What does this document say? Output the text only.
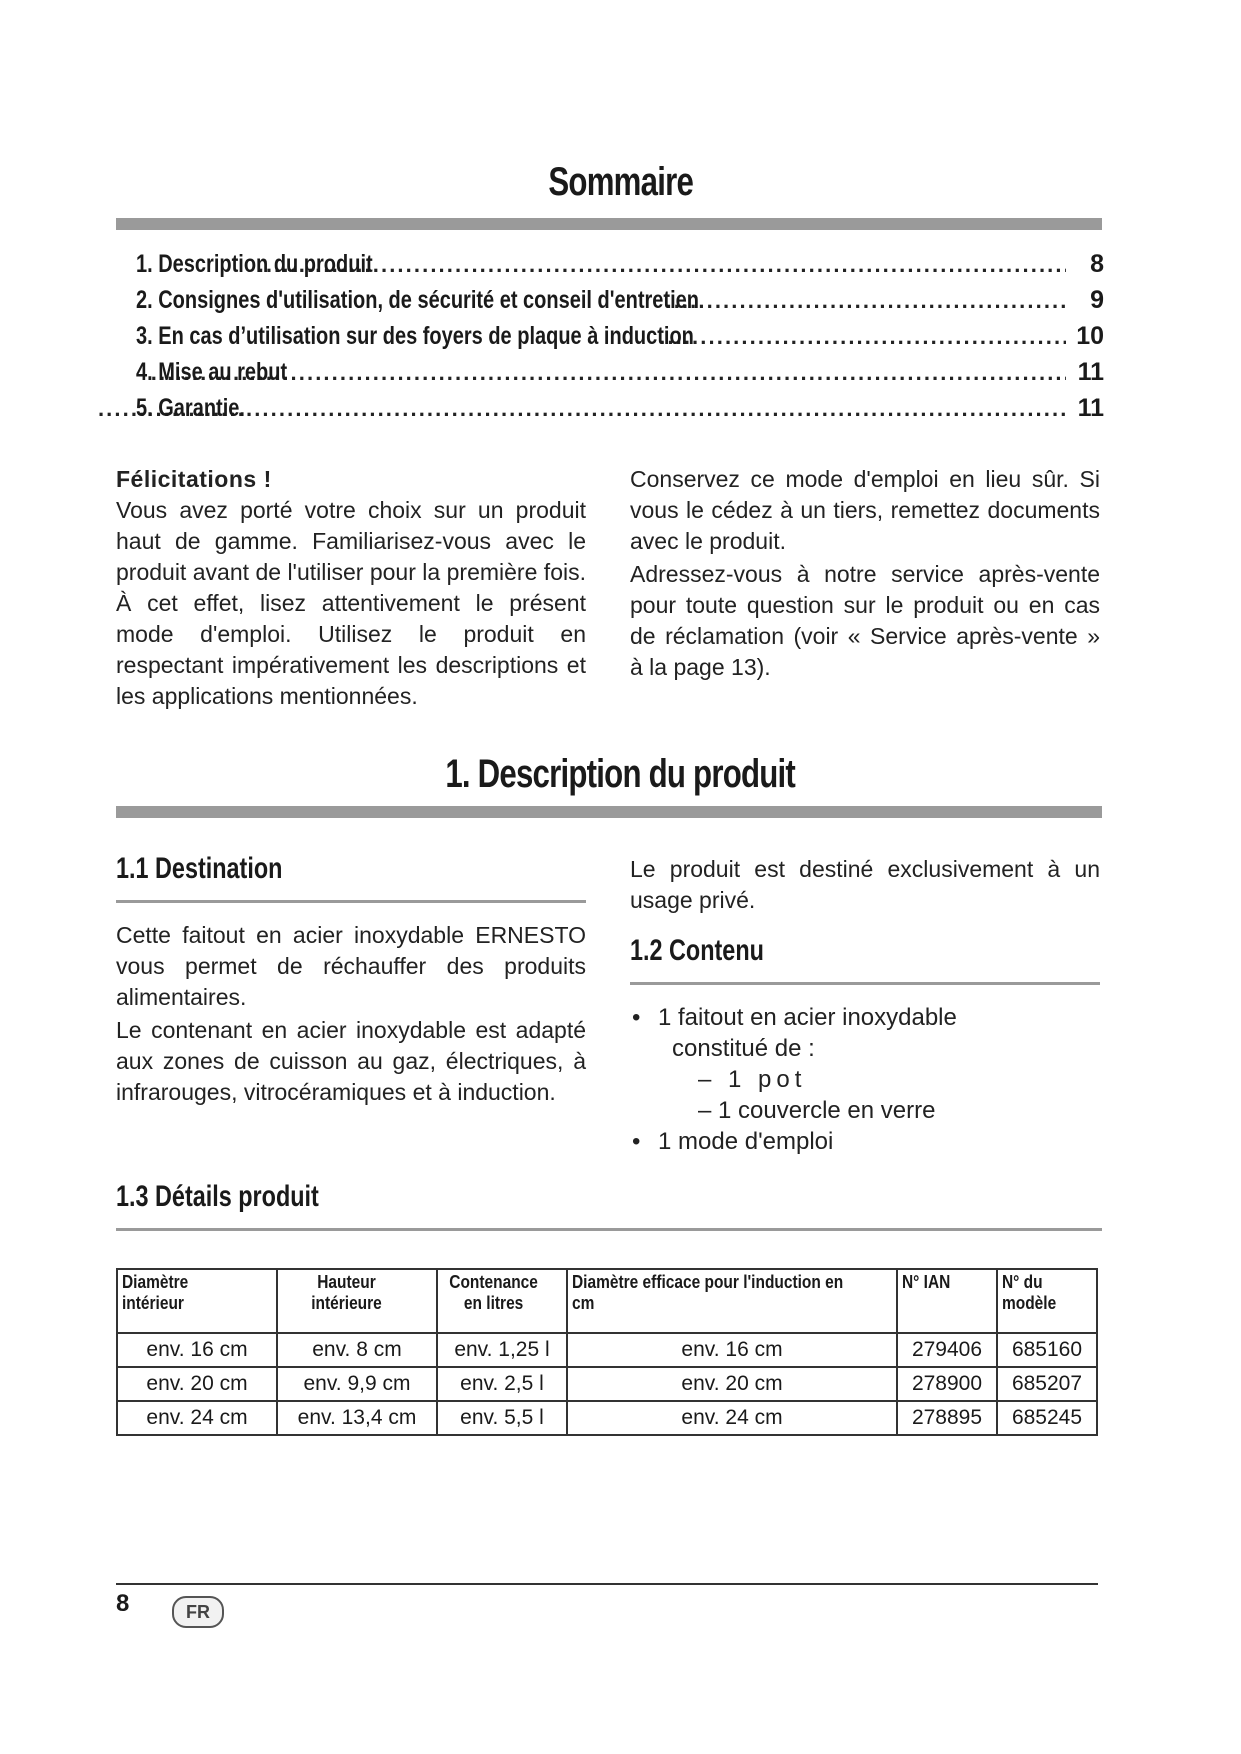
Sommaire
1. Description du produit . . .	8
2. Consignes d'utilisation, de sécurité et conseil d'entretien . . .	9
3. En cas d’utilisation sur des foyers de plaque à induction . . .	10
4. Mise au rebut . . .	11
5. Garantie. . . .	11
Félicitations !

Vous avez porté votre choix sur un produit haut de gamme. Familiarisez-vous avec le produit avant de l'utiliser pour la première fois. À cet effet, lisez attentivement le présent mode d'emploi. Utilisez le produit en respectant impérativement les descriptions et les applications mentionnées.

Conservez ce mode d'emploi en lieu sûr. Si vous le cédez à un tiers, remettez documents avec le produit.

Adressez-vous à notre service après-vente pour toute question sur le produit ou en cas de réclamation (voir « Service après-vente » à la page 13).

1. Description du produit
1.1 Destination

Cette faitout en acier inoxydable ERNESTO vous permet de réchauffer des produits alimentaires.

Le contenant en acier inoxydable est adapté aux zones de cuisson au gaz, électriques, à infrarouges, vitrocéramiques et à induction.

Le produit est destiné exclusivement à un usage privé.

1.2 Contenu
• 1 faitout en acier inoxydable
constitué de :
– 1 pot
– 1 couvercle en verre
• 1 mode d'emploi
1.3 Détails produit
Diamètre intérieur	Hauteur intérieure	Contenance en litres	Diamètre efficace pour l'induction en cm	N° IAN	N° du modèle
env. 16 cm	env. 8 cm	env. 1,25 l	env. 16 cm	279406	685160
env. 20 cm	env. 9,9 cm	env. 2,5 l	env. 20 cm	278900	685207
env. 24 cm	env. 13,4 cm	env. 5,5 l	env. 24 cm	278895	685245
8	FR
